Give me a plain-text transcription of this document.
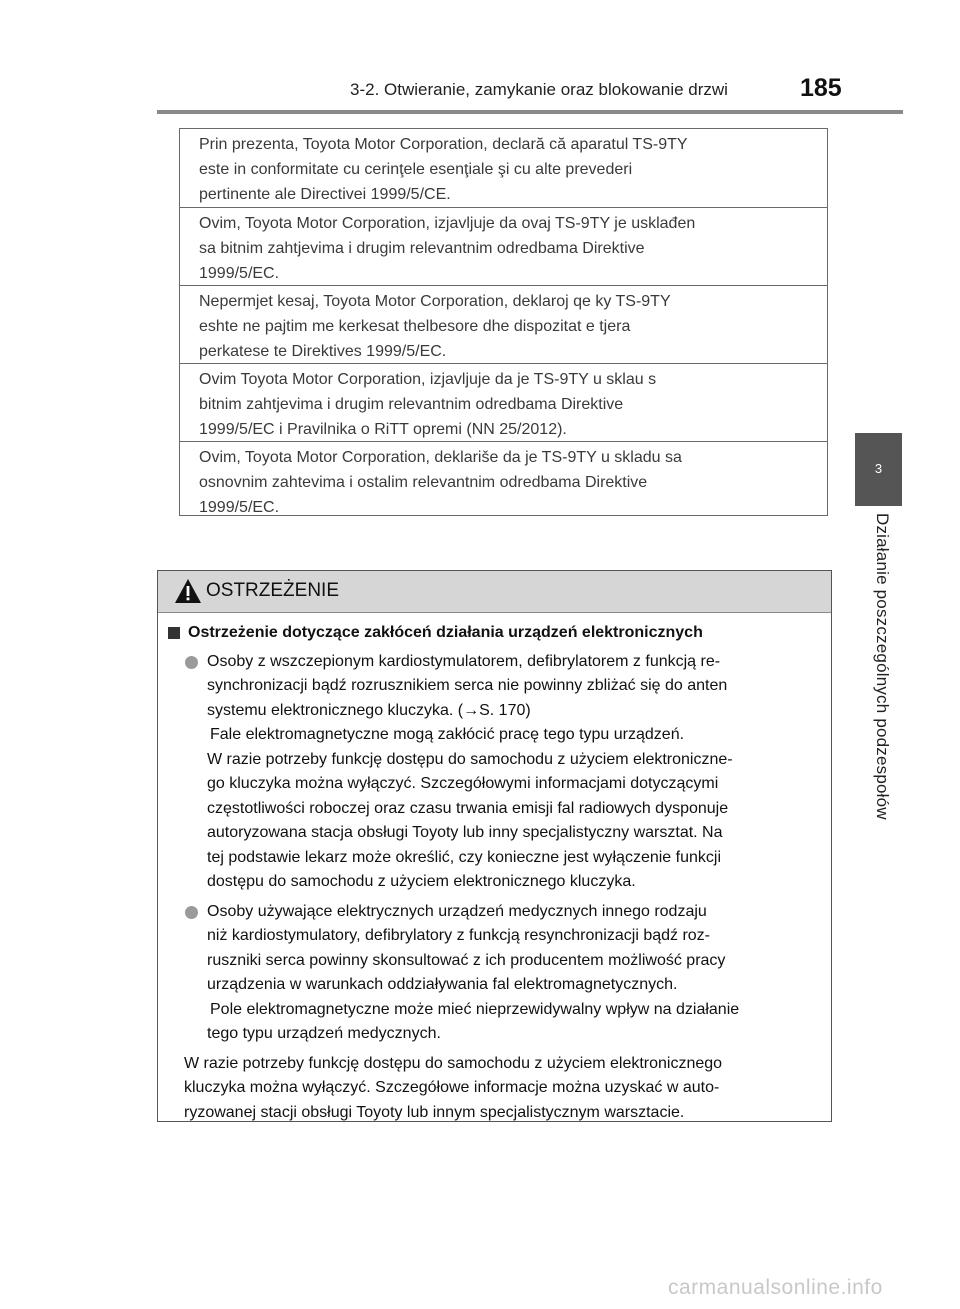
3-2. Otwieranie, zamykanie oraz blokowanie drzwi	185
3
Działanie poszczególnych podzespołów
Prin prezenta, Toyota Motor Corporation, declară că aparatul TS-9TY
este in conformitate cu cerinţele esenţiale şi cu alte prevederi
pertinente ale Directivei 1999/5/CE.
Ovim, Toyota Motor Corporation, izjavljuje da ovaj TS-9TY je usklađen
sa bitnim zahtjevima i drugim relevantnim odredbama Direktive
1999/5/EC.
Nepermjet kesaj, Toyota Motor Corporation, deklaroj qe ky TS-9TY
eshte ne pajtim me kerkesat thelbesore dhe dispozitat e tjera
perkatese te Direktives 1999/5/EC.
Ovim Toyota Motor Corporation, izjavljuje da je TS-9TY u sklau s
bitnim zahtjevima i drugim relevantnim odredbama Direktive
1999/5/EC i Pravilnika o RiTT opremi (NN 25/2012).
Ovim, Toyota Motor Corporation, deklariše da je TS-9TY u skladu sa
osnovnim zahtevima i ostalim relevantnim odredbama Direktive
1999/5/EC.
OSTRZEŻENIE
Ostrzeżenie dotyczące zakłóceń działania urządzeń elektronicznych
Osoby z wszczepionym kardiostymulatorem, defibrylatorem z funkcją re-
synchronizacji bądź rozrusznikiem serca nie powinny zbliżać się do anten
systemu elektronicznego kluczyka. (→S. 170)
Fale elektromagnetyczne mogą zakłócić pracę tego typu urządzeń.
W razie potrzeby funkcję dostępu do samochodu z użyciem elektroniczne-
go kluczyka można wyłączyć. Szczegółowymi informacjami dotyczącymi
częstotliwości roboczej oraz czasu trwania emisji fal radiowych dysponuje
autoryzowana stacja obsługi Toyoty lub inny specjalistyczny warsztat. Na
tej podstawie lekarz może określić, czy konieczne jest wyłączenie funkcji
dostępu do samochodu z użyciem elektronicznego kluczyka.
Osoby używające elektrycznych urządzeń medycznych innego rodzaju
niż kardiostymulatory, defibrylatory z funkcją resynchronizacji bądź roz-
ruszniki serca powinny skonsultować z ich producentem możliwość pracy
urządzenia w warunkach oddziaływania fal elektromagnetycznych.
Pole elektromagnetyczne może mieć nieprzewidywalny wpływ na działanie
tego typu urządzeń medycznych.
W razie potrzeby funkcję dostępu do samochodu z użyciem elektronicznego
kluczyka można wyłączyć. Szczegółowe informacje można uzyskać w auto-
ryzowanej stacji obsługi Toyoty lub innym specjalistycznym warsztacie.
carmanualsonline.info
